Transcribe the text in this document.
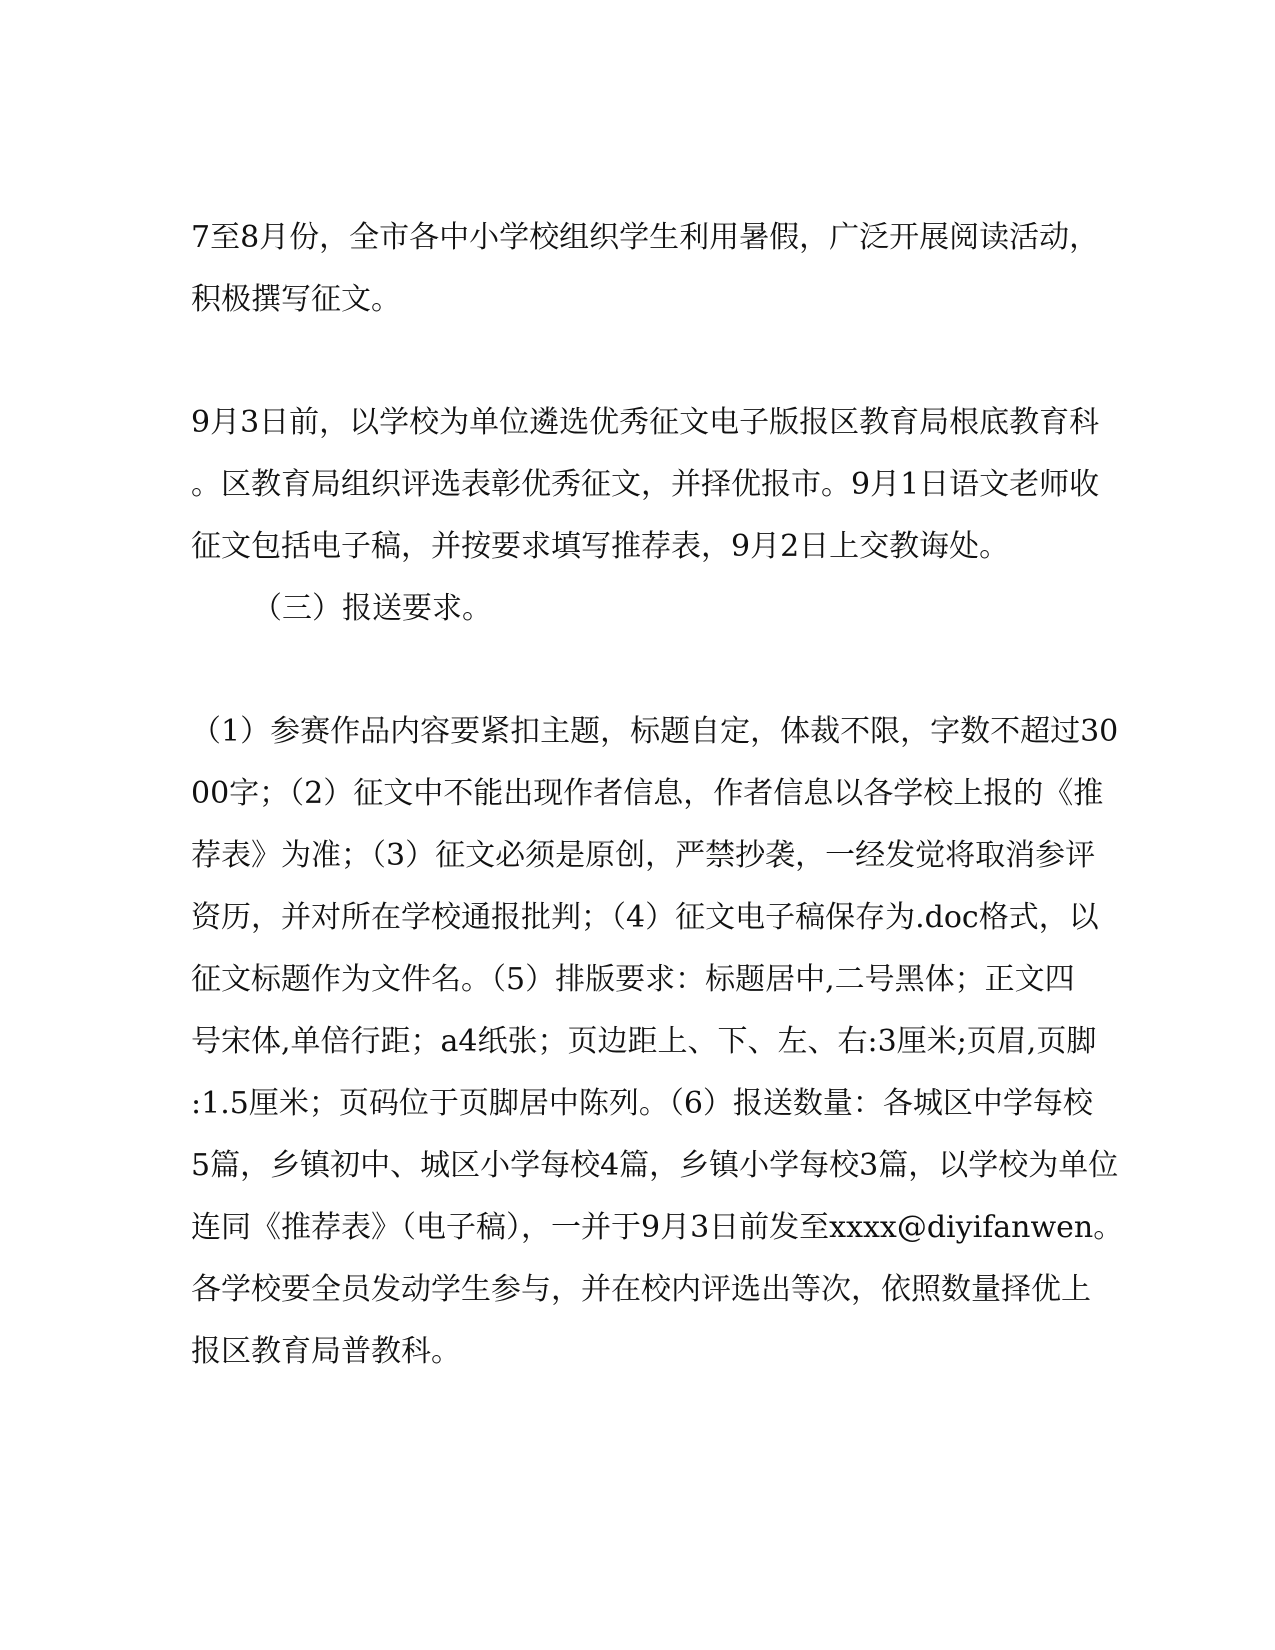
7至8月份，全市各中小学校组织学生利用暑假，广泛开展阅读活动，
积极撰写征文。
9月3日前，以学校为单位遴选优秀征文电子版报区教育局根底教育科
。区教育局组织评选表彰优秀征文，并择优报市。9月1日语文老师收
征文包括电子稿，并按要求填写推荐表，9月2日上交教诲处。
（三）报送要求。
（1）参赛作品内容要紧扣主题，标题自定，体裁不限，字数不超过30
00字；（2）征文中不能出现作者信息，作者信息以各学校上报的《推
荐表》为准；（3）征文必须是原创，严禁抄袭，一经发觉将取消参评
资历，并对所在学校通报批判；（4）征文电子稿保存为.doc格式，以
征文标题作为文件名。（5）排版要求：标题居中,二号黑体；正文四
号宋体,单倍行距；a4纸张；页边距上、下、左、右:3厘米;页眉,页脚
:1.5厘米；页码位于页脚居中陈列。（6）报送数量：各城区中学每校
5篇，乡镇初中、城区小学每校4篇，乡镇小学每校3篇，以学校为单位
连同《推荐表》（电子稿），一并于9月3日前发至xxxx@diyifanwen。
各学校要全员发动学生参与，并在校内评选出等次，依照数量择优上
报区教育局普教科。
